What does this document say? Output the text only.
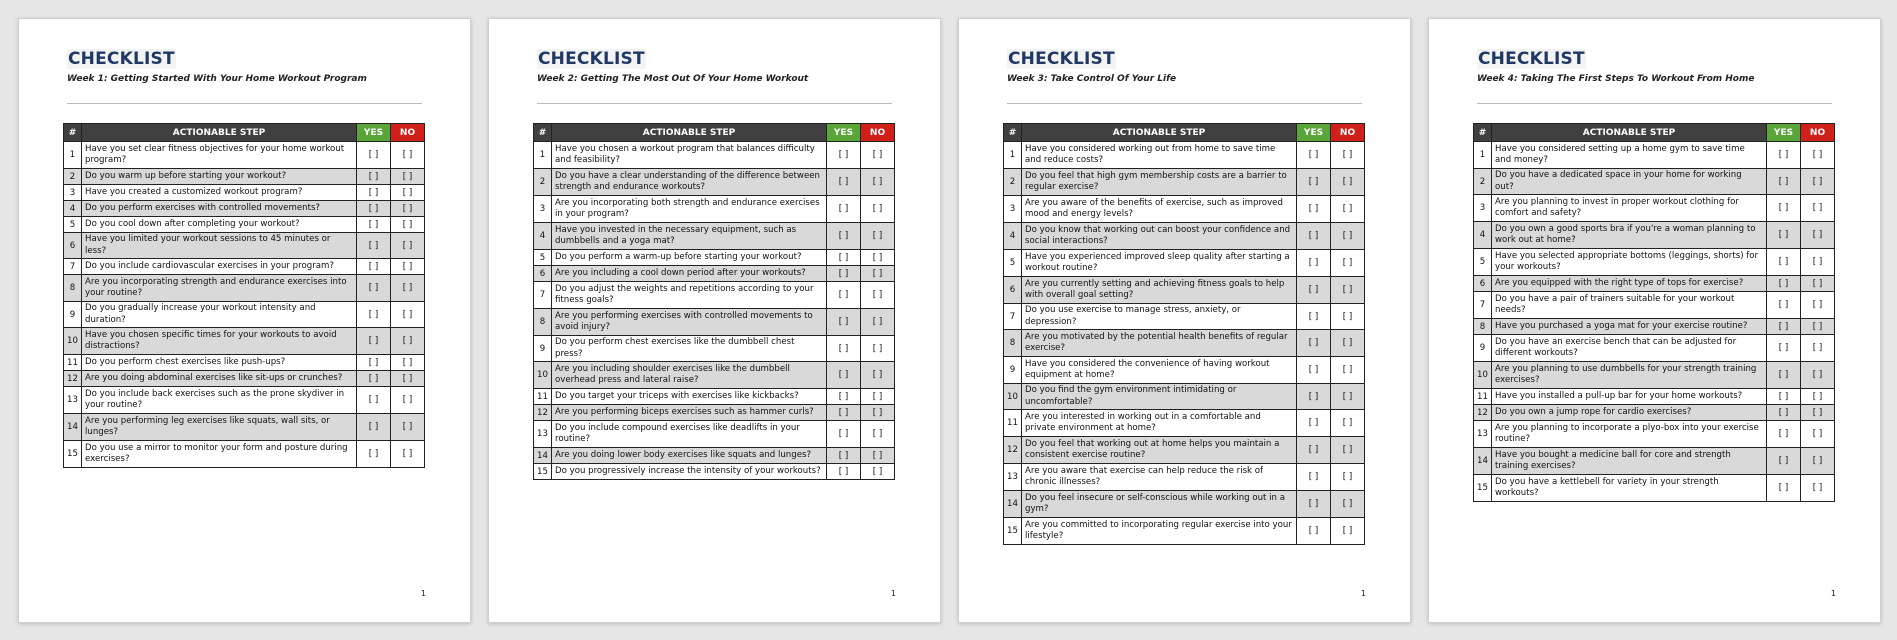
CHECKLIST
Week 1: Getting Started With Your Home Workout Program
#	ACTIONABLE STEP	YES	NO
1	Have you set clear fitness objectives for your home workout program?	[ ]	[ ]
2	Do you warm up before starting your workout?	[ ]	[ ]
3	Have you created a customized workout program?	[ ]	[ ]
4	Do you perform exercises with controlled movements?	[ ]	[ ]
5	Do you cool down after completing your workout?	[ ]	[ ]
6	Have you limited your workout sessions to 45 minutes or less?	[ ]	[ ]
7	Do you include cardiovascular exercises in your program?	[ ]	[ ]
8	Are you incorporating strength and endurance exercises into your routine?	[ ]	[ ]
9	Do you gradually increase your workout intensity and duration?	[ ]	[ ]
10	Have you chosen specific times for your workouts to avoid distractions?	[ ]	[ ]
11	Do you perform chest exercises like push-ups?	[ ]	[ ]
12	Are you doing abdominal exercises like sit-ups or crunches?	[ ]	[ ]
13	Do you include back exercises such as the prone skydiver in your routine?	[ ]	[ ]
14	Are you performing leg exercises like squats, wall sits, or lunges?	[ ]	[ ]
15	Do you use a mirror to monitor your form and posture during exercises?	[ ]	[ ]
1
CHECKLIST
Week 2: Getting The Most Out Of Your Home Workout
#	ACTIONABLE STEP	YES	NO
1	Have you chosen a workout program that balances difficulty and feasibility?	[ ]	[ ]
2	Do you have a clear understanding of the difference between strength and endurance workouts?	[ ]	[ ]
3	Are you incorporating both strength and endurance exercises in your program?	[ ]	[ ]
4	Have you invested in the necessary equipment, such as dumbbells and a yoga mat?	[ ]	[ ]
5	Do you perform a warm-up before starting your workout?	[ ]	[ ]
6	Are you including a cool down period after your workouts?	[ ]	[ ]
7	Do you adjust the weights and repetitions according to your fitness goals?	[ ]	[ ]
8	Are you performing exercises with controlled movements to avoid injury?	[ ]	[ ]
9	Do you perform chest exercises like the dumbbell chest press?	[ ]	[ ]
10	Are you including shoulder exercises like the dumbbell overhead press and lateral raise?	[ ]	[ ]
11	Do you target your triceps with exercises like kickbacks?	[ ]	[ ]
12	Are you performing biceps exercises such as hammer curls?	[ ]	[ ]
13	Do you include compound exercises like deadlifts in your routine?	[ ]	[ ]
14	Are you doing lower body exercises like squats and lunges?	[ ]	[ ]
15	Do you progressively increase the intensity of your workouts?	[ ]	[ ]
1
CHECKLIST
Week 3: Take Control Of Your Life
#	ACTIONABLE STEP	YES	NO
1	Have you considered working out from home to save time and reduce costs?	[ ]	[ ]
2	Do you feel that high gym membership costs are a barrier to regular exercise?	[ ]	[ ]
3	Are you aware of the benefits of exercise, such as improved mood and energy levels?	[ ]	[ ]
4	Do you know that working out can boost your confidence and social interactions?	[ ]	[ ]
5	Have you experienced improved sleep quality after starting a workout routine?	[ ]	[ ]
6	Are you currently setting and achieving fitness goals to help with overall goal setting?	[ ]	[ ]
7	Do you use exercise to manage stress, anxiety, or depression?	[ ]	[ ]
8	Are you motivated by the potential health benefits of regular exercise?	[ ]	[ ]
9	Have you considered the convenience of having workout equipment at home?	[ ]	[ ]
10	Do you find the gym environment intimidating or uncomfortable?	[ ]	[ ]
11	Are you interested in working out in a comfortable and private environment at home?	[ ]	[ ]
12	Do you feel that working out at home helps you maintain a consistent exercise routine?	[ ]	[ ]
13	Are you aware that exercise can help reduce the risk of chronic illnesses?	[ ]	[ ]
14	Do you feel insecure or self-conscious while working out in a gym?	[ ]	[ ]
15	Are you committed to incorporating regular exercise into your lifestyle?	[ ]	[ ]
1
CHECKLIST
Week 4: Taking The First Steps To Workout From Home
#	ACTIONABLE STEP	YES	NO
1	Have you considered setting up a home gym to save time and money?	[ ]	[ ]
2	Do you have a dedicated space in your home for working out?	[ ]	[ ]
3	Are you planning to invest in proper workout clothing for comfort and safety?	[ ]	[ ]
4	Do you own a good sports bra if you're a woman planning to work out at home?	[ ]	[ ]
5	Have you selected appropriate bottoms (leggings, shorts) for your workouts?	[ ]	[ ]
6	Are you equipped with the right type of tops for exercise?	[ ]	[ ]
7	Do you have a pair of trainers suitable for your workout needs?	[ ]	[ ]
8	Have you purchased a yoga mat for your exercise routine?	[ ]	[ ]
9	Do you have an exercise bench that can be adjusted for different workouts?	[ ]	[ ]
10	Are you planning to use dumbbells for your strength training exercises?	[ ]	[ ]
11	Have you installed a pull-up bar for your home workouts?	[ ]	[ ]
12	Do you own a jump rope for cardio exercises?	[ ]	[ ]
13	Are you planning to incorporate a plyo-box into your exercise routine?	[ ]	[ ]
14	Have you bought a medicine ball for core and strength training exercises?	[ ]	[ ]
15	Do you have a kettlebell for variety in your strength workouts?	[ ]	[ ]
1
